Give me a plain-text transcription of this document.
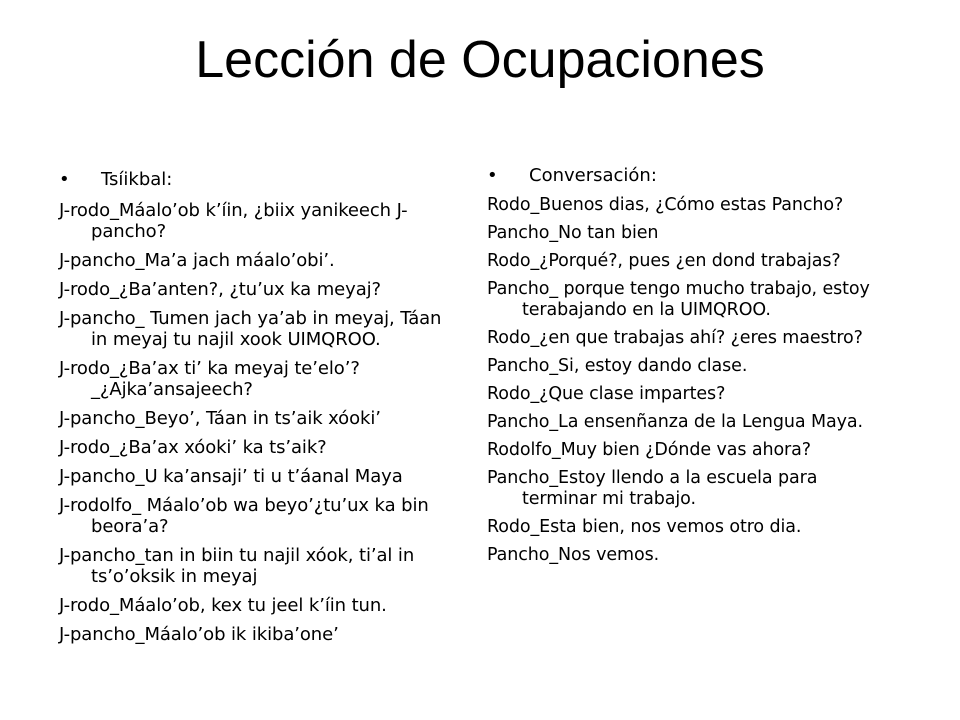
Lección de Ocupaciones

• Tsíikbal:

J-rodo_Máalo’ob k’íin, ¿biix yanikeech J-pancho?

J-pancho_Ma’a jach máalo’obi’.

J-rodo_¿Ba’anten?, ¿tu’ux ka meyaj?

J-pancho_ Tumen jach ya’ab in meyaj, Táan in meyaj tu najil xook UIMQROO.

J-rodo_¿Ba’ax ti’ ka meyaj te’elo’? _¿Ajka’ansajeech?

J-pancho_Beyo’, Táan in ts’aik xóoki’

J-rodo_¿Ba’ax xóoki’ ka ts’aik?

J-pancho_U ka’ansaji’ ti u t’áanal Maya

J-rodolfo_ Máalo’ob wa beyo’¿tu’ux ka bin beora’a?

J-pancho_tan in biin tu najil xóok, ti’al in ts’o’oksik in meyaj

J-rodo_Máalo’ob, kex tu jeel k’íin tun.

J-pancho_Máalo’ob ik ikiba’one’

• Conversación:

Rodo_Buenos dias, ¿Cómo estas Pancho?

Pancho_No tan bien

Rodo_¿Porqué?, pues ¿en dond trabajas?

Pancho_ porque tengo mucho trabajo, estoy terabajando en la UIMQROO.

Rodo_¿en que trabajas ahí? ¿eres maestro?

Pancho_Si, estoy dando clase.

Rodo_¿Que clase impartes?

Pancho_La ensenñanza de la Lengua Maya.

Rodolfo_Muy bien ¿Dónde vas ahora?

Pancho_Estoy llendo a la escuela para terminar mi trabajo.

Rodo_Esta bien, nos vemos otro dia.

Pancho_Nos vemos.
